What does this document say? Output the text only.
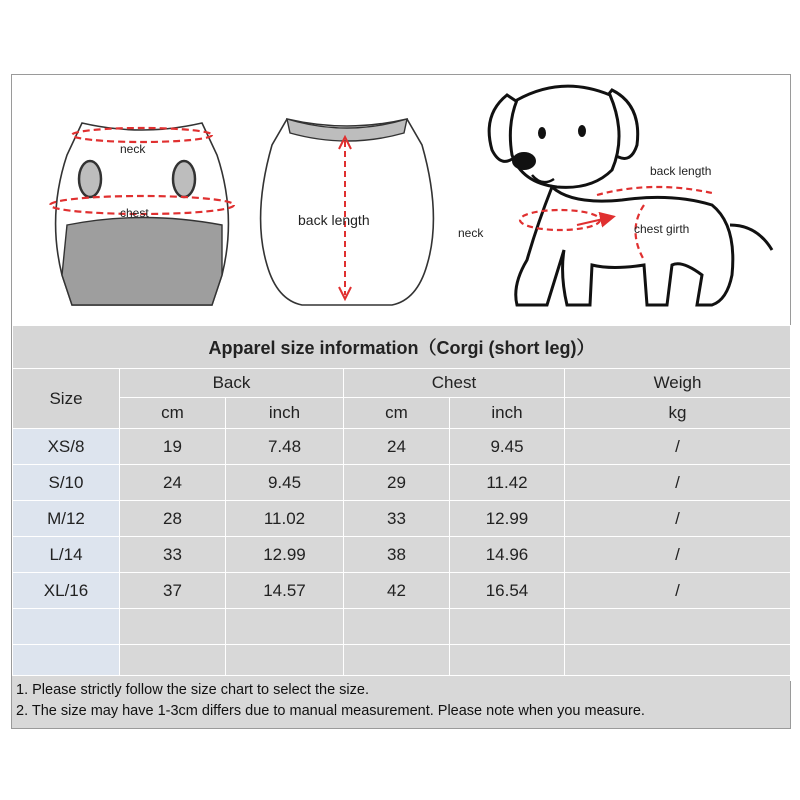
neck
chest	back length
back length
neck	chest girth
Apparel size information（Corgi (short leg)）					
Size	Back		Chest		Weigh
	cm	inch	cm	inch	kg
XS/8	19	7.48	24	9.45	/
S/10	24	9.45	29	11.42	/
M/12	28	11.02	33	12.99	/
L/14	33	12.99	38	14.96	/
XL/16	37	14.57	42	16.54	/

1. Please strictly follow the size chart to select the size.
2. The size may have 1-3cm differs due to manual measurement. Please note when you measure.
